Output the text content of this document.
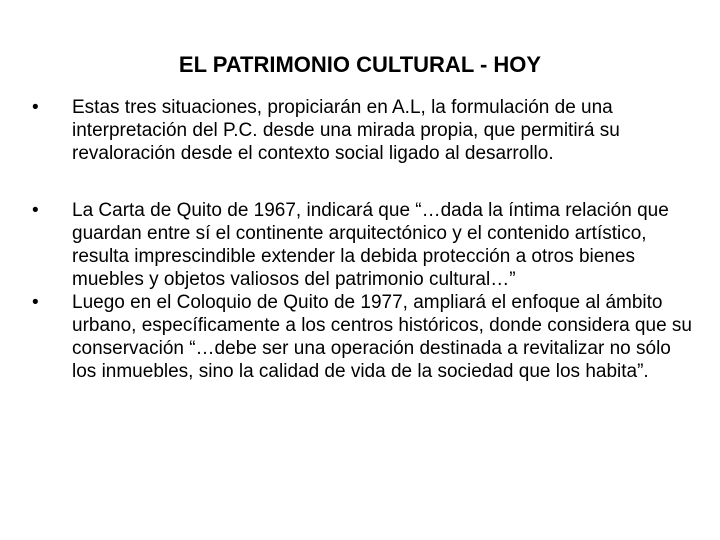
EL PATRIMONIO CULTURAL - HOY
•	Estas tres situaciones, propiciarán en A.L, la formulación de una interpretación del P.C. desde una mirada propia, que permitirá su revaloración desde el contexto social ligado al desarrollo.
•	La Carta de Quito de 1967, indicará que “…dada la íntima relación que guardan entre sí el continente arquitectónico y el contenido artístico, resulta imprescindible extender la debida protección a otros bienes muebles y objetos valiosos del patrimonio cultural…”
•	Luego en el Coloquio de Quito de 1977, ampliará el enfoque al ámbito urbano, específicamente a los centros históricos, donde considera que su conservación “…debe ser una operación destinada a revitalizar no sólo los inmuebles, sino la calidad de vida de la sociedad que los habita”.
